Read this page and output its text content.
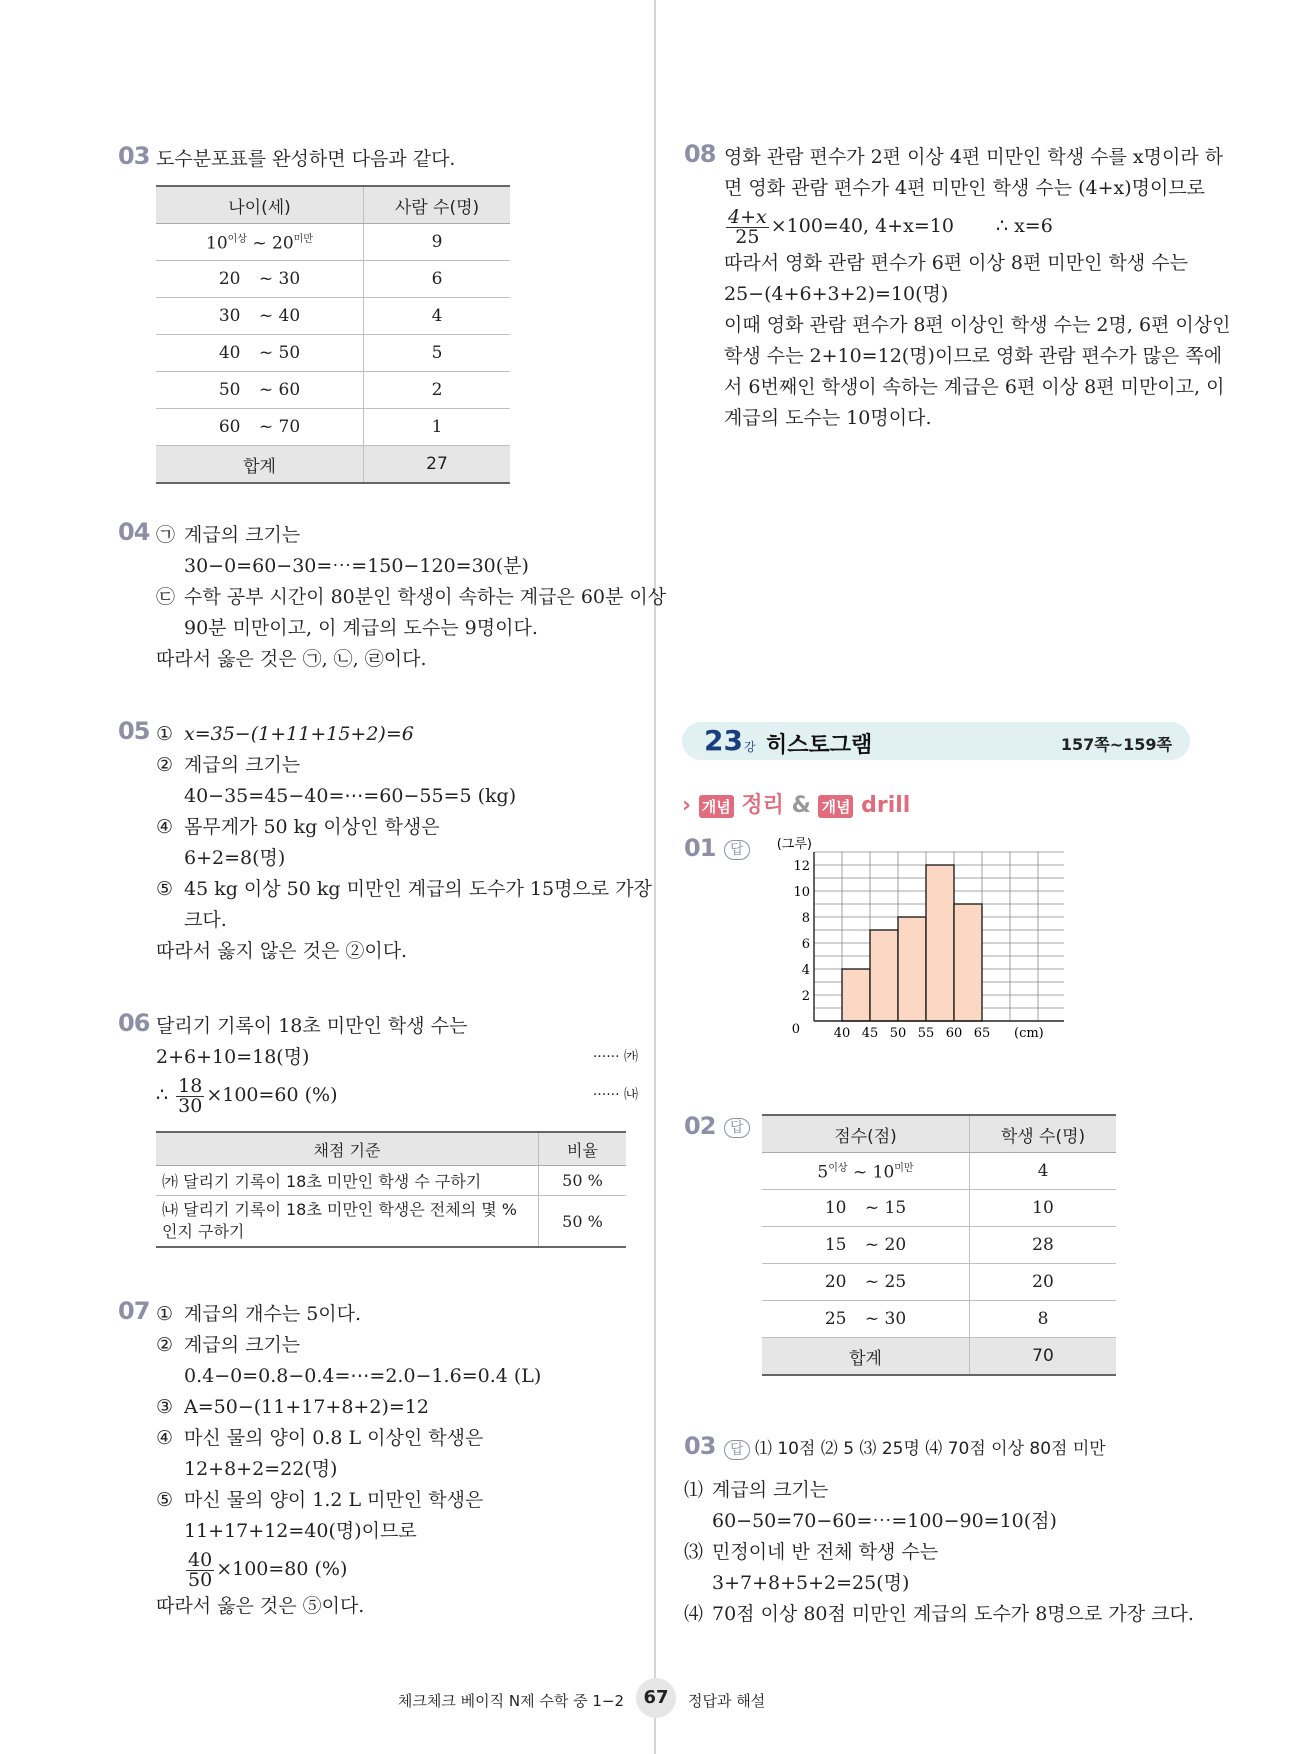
03 도수분포표를 완성하면 다음과 같다.
나이(세)	사람 수(명)
$10^{이상}$ ~ $20^{미만}$	9
20 ~ 30	6
30 ~ 40	4
40 ~ 50	5
50 ~ 60	2
60 ~ 70	1
합계	27
04 ㉠ 계급의 크기는
30−0=60−30=⋯=150−120=30(분)
㉢ 수학 공부 시간이 80분인 학생이 속하는 계급은 60분 이상
90분 미만이고, 이 계급의 도수는 9명이다.
따라서 옳은 것은 ㉠, ㉡, ㉣이다.
05 ① x=35−(1+11+15+2)=6
② 계급의 크기는
40−35=45−40=⋯=60−55=5 (kg)
④ 몸무게가 50 kg 이상인 학생은
6+2=8(명)
⑤ 45 kg 이상 50 kg 미만인 계급의 도수가 15명으로 가장
크다.
따라서 옳지 않은 것은 ②이다.
06 달리기 기록이 18초 미만인 학생 수는
2+6+10=18(명)	······ ㈎
∴ $\frac{18}{30} \times 100=60$ (%)	······ ㈏
채점 기준	비율
㈎ 달리기 기록이 18초 미만인 학생 수 구하기	50 %
㈏ 달리기 기록이 18초 미만인 학생은 전체의 몇 %인지 구하기	50 %
07 ① 계급의 개수는 5이다.
② 계급의 크기는
0.4−0=0.8−0.4=⋯=2.0−1.6=0.4 (L)
③ A=50−(11+17+8+2)=12
④ 마신 물의 양이 0.8 L 이상인 학생은
12+8+2=22(명)
⑤ 마신 물의 양이 1.2 L 미만인 학생은
11+17+12=40(명)이므로
$\frac{40}{50} \times 100=80$ (%)
따라서 옳은 것은 ⑤이다.
08 영화 관람 편수가 2편 이상 4편 미만인 학생 수를 x명이라 하
면 영화 관람 편수가 4편 미만인 학생 수는 (4+x)명이므로
$\frac{4+x}{25} \times 100=40$, 4+x=10 ∴ x=6
따라서 영화 관람 편수가 6편 이상 8편 미만인 학생 수는
25−(4+6+3+2)=10(명)
이때 영화 관람 편수가 8편 이상인 학생 수는 2명, 6편 이상인
학생 수는 2+10=12(명)이므로 영화 관람 편수가 많은 쪽에
서 6번째인 학생이 속하는 계급은 6편 이상 8편 미만이고, 이
계급의 도수는 10명이다.
23 강 히스토그램	157쪽~159쪽
› 개념 정리 & 개념 drill
01	답
2
4
6
8
10
12
0	40 45 50 55 60 65
(그루)
(cm)
02	답	점수(점)	학생 수(명)
$5^{이상}$ ~ $10^{미만}$	4
10 ~ 15	10
15 ~ 20	28
20 ~ 25	20
25 ~ 30	8
합계	70
03	답 ⑴ 10점 ⑵ 5 ⑶ 25명 ⑷ 70점 이상 80점 미만
⑴ 계급의 크기는
60−50=70−60=⋯=100−90=10(점)
⑶ 민정이네 반 전체 학생 수는
3+7+8+5+2=25(명)
⑷ 70점 이상 80점 미만인 계급의 도수가 8명으로 가장 크다.
체크체크 베이직 N제 수학 중 1−2	67	정답과 해설
